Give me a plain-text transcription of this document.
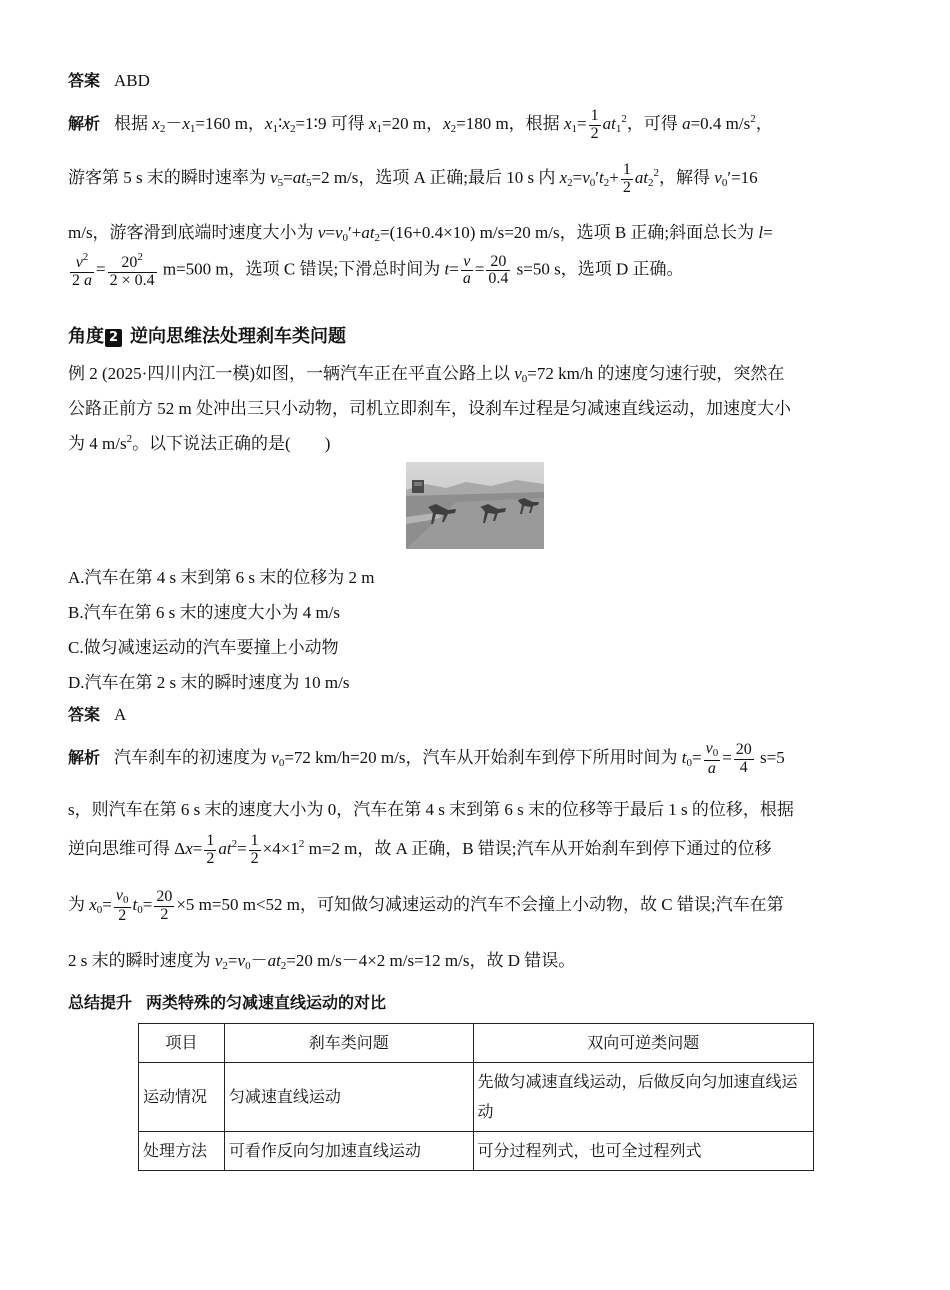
答案 ABD
解析 根据 $x_2-x_1=160$ m，$x_1∶x_2=1∶9$ 可得 $x_1=20$ m，$x_2=180$ m，根据 $x_1= \frac{1}{2} at_1^2$，可得 a=0.4 $m/s^2$，
游客第 5 s 末的瞬时速率为 $v_5=at_5=2$ m/s，选项 A 正确;最后 10 s 内 $x_2=v_0't_2+ \frac{1}{2} at_2^2$，解得 $v_0'=16$
m/s，游客滑到底端时速度大小为 $v=v_0'+at_2=(16+0.4\times 10)$ m/s=20 m/s，选项 B 正确;斜面总长为 l=
$\frac{v^2}{2 a} = \frac{20^2}{2 \times 0.4} m=500$ m，选项 C 错误;下滑总时间为 $t= \frac{v}{a} = \frac{20}{0.4} s=50$ s，选项 D 正确。
角度 2 逆向思维法处理刹车类问题
例 2 (2025·四川内江一模)如图，一辆汽车正在平直公路上以 $v_0=72$ km/h 的速度匀速行驶，突然在
公路正前方 52 m 处冲出三只小动物，司机立即刹车，设刹车过程是匀减速直线运动，加速度大小
为 4 $m/s^2$。以下说法正确的是(　　)
A.汽车在第 4 s 末到第 6 s 末的位移为 2 m
B.汽车在第 6 s 末的速度大小为 4 m/s
C.做匀减速运动的汽车要撞上小动物
D.汽车在第 2 s 末的瞬时速度为 10 m/s
答案 A
解析 汽车刹车的初速度为 $v_0=72$ km/h=20 m/s，汽车从开始刹车到停下所用时间为 $t_0= \frac{v_0}{a} = \frac{20}{4} s=5$
s，则汽车在第 6 s 末的速度大小为 0，汽车在第 4 s 末到第 6 s 末的位移等于最后 1 s 的位移，根据
逆向思维可得 $\Delta x= \frac{1}{2} at^2= \frac{1}{2} \times 4\times 1^2$ m=2 m，故 A 正确，B 错误;汽车从开始刹车到停下通过的位移
为 $x_0= \frac{v_0}{2} t_0= \frac{20}{2} \times 5$ m=50 m<52 m，可知做匀减速运动的汽车不会撞上小动物，故 C 错误;汽车在第
2 s 末的瞬时速度为 $v_2=v_0-at_2=20$ m/s－4×2 m/s=12 m/s，故 D 错误。
总结提升 两类特殊的匀减速直线运动的对比
项目	刹车类问题	双向可逆类问题
运动情况	匀减速直线运动	先做匀减速直线运动，后做反向匀加速直线运动
处理方法	可看作反向匀加速直线运动	可分过程列式，也可全过程列式
